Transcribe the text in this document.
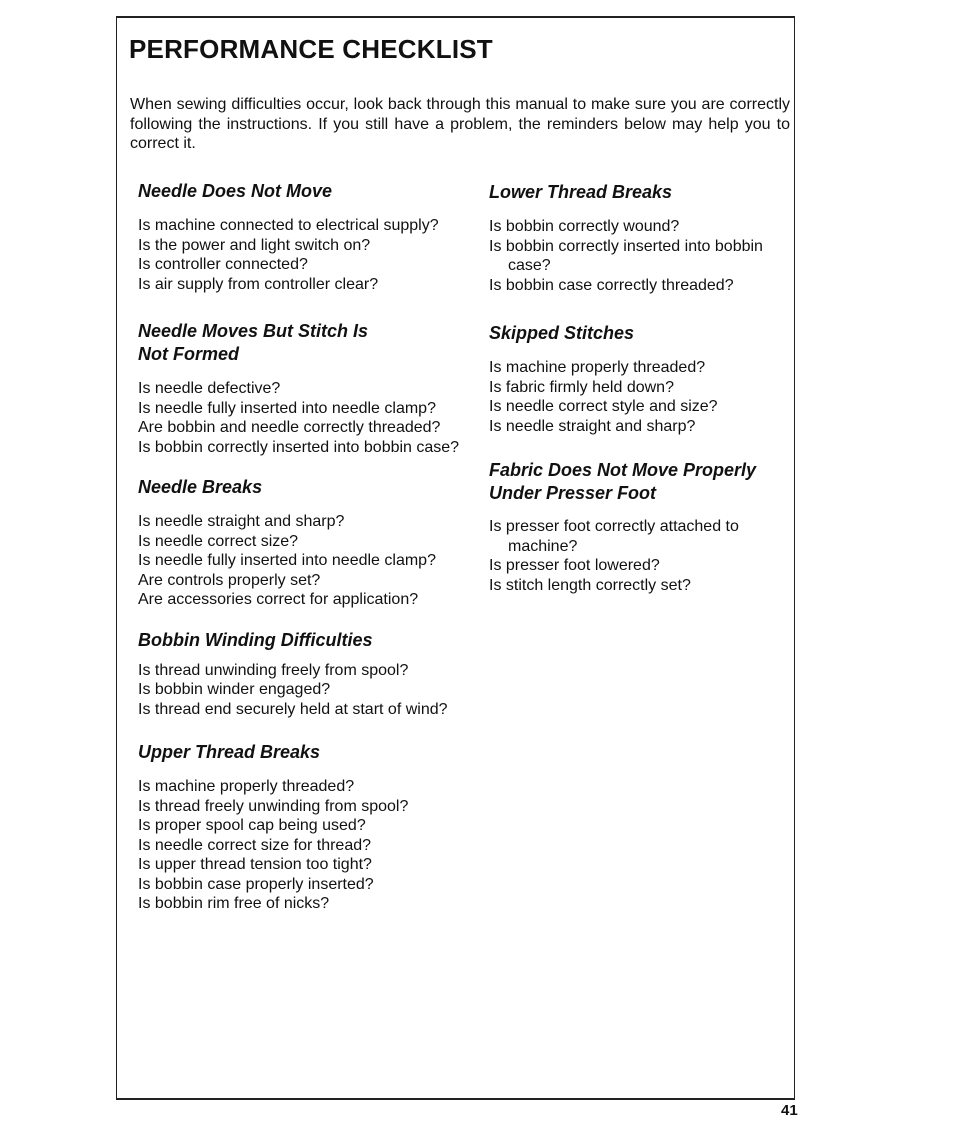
PERFORMANCE CHECKLIST

When sewing difficulties occur, look back through this manual to make sure you are correctly following the instructions. If you still have a problem, the reminders below may help you to correct it.

Needle Does Not Move
Is machine connected to electrical supply?
Is the power and light switch on?
Is controller connected?
Is air supply from controller clear?
Needle Moves But Stitch Is Not Formed
Is needle defective?
Is needle fully inserted into needle clamp?
Are bobbin and needle correctly threaded?
Is bobbin correctly inserted into bobbin case?
Needle Breaks
Is needle straight and sharp?
Is needle correct size?
Is needle fully inserted into needle clamp?
Are controls properly set?
Are accessories correct for application?
Bobbin Winding Difficulties
Is thread unwinding freely from spool?
Is bobbin winder engaged?
Is thread end securely held at start of wind?
Upper Thread Breaks
Is machine properly threaded?
Is thread freely unwinding from spool?
Is proper spool cap being used?
Is needle correct size for thread?
Is upper thread tension too tight?
Is bobbin case properly inserted?
Is bobbin rim free of nicks?
Lower Thread Breaks
Is bobbin correctly wound?
Is bobbin correctly inserted into bobbin case?
Is bobbin case correctly threaded?
Skipped Stitches
Is machine properly threaded?
Is fabric firmly held down?
Is needle correct style and size?
Is needle straight and sharp?
Fabric Does Not Move Properly Under Presser Foot
Is presser foot correctly attached to machine?
Is presser foot lowered?
Is stitch length correctly set?
41
